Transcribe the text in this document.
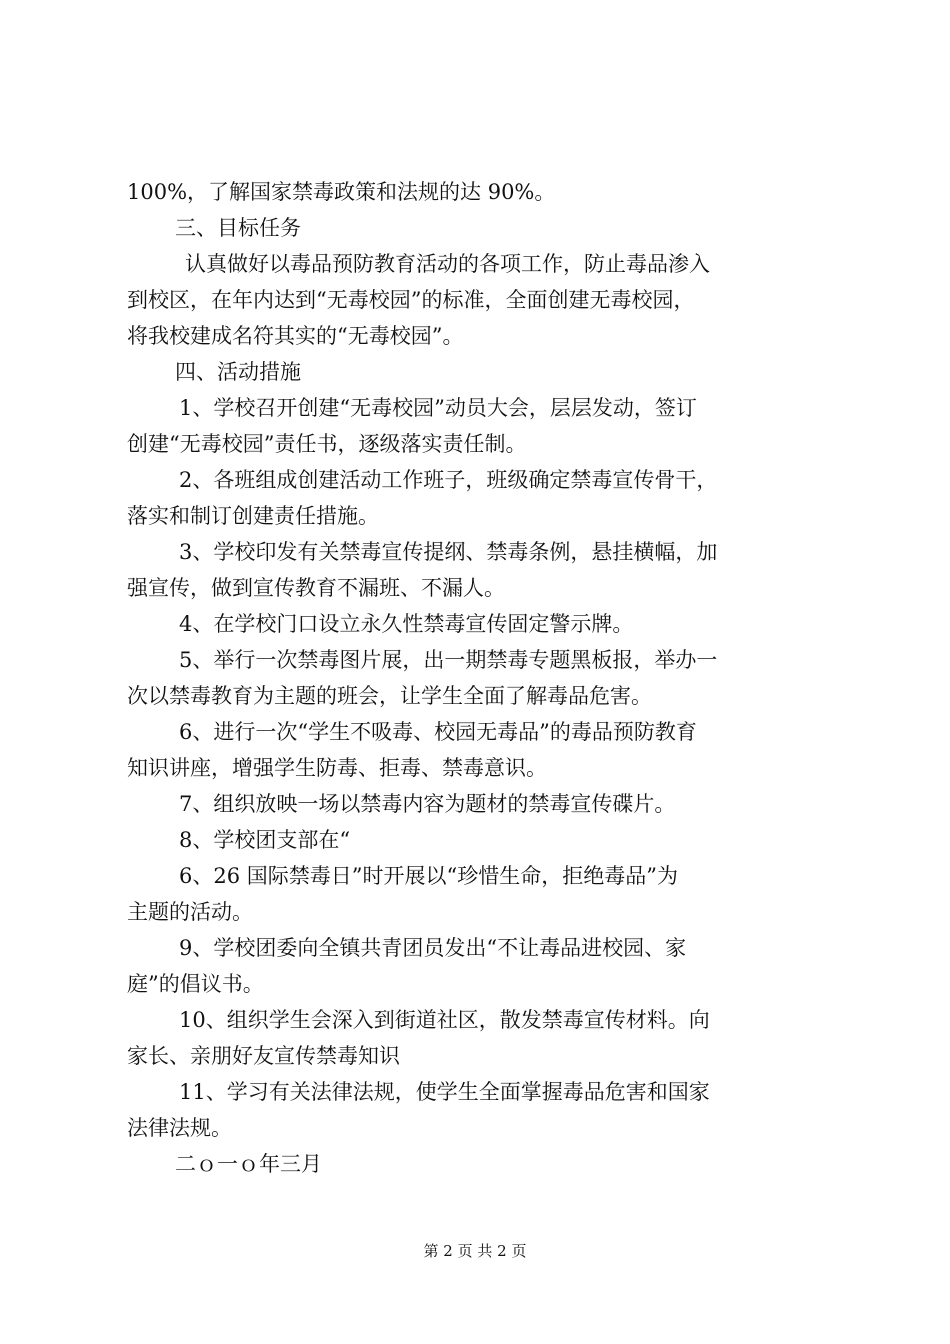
100%，了解国家禁毒政策和法规的达 90%。
三、目标任务
认真做好以毒品预防教育活动的各项工作，防止毒品渗入
到校区，在年内达到“无毒校园”的标准，全面创建无毒校园，
将我校建成名符其实的“无毒校园”。
四、活动措施
1、学校召开创建“无毒校园”动员大会，层层发动，签订
创建“无毒校园”责任书，逐级落实责任制。
2、各班组成创建活动工作班子，班级确定禁毒宣传骨干，
落实和制订创建责任措施。
3、学校印发有关禁毒宣传提纲、禁毒条例，悬挂横幅，加
强宣传，做到宣传教育不漏班、不漏人。
4、在学校门口设立永久性禁毒宣传固定警示牌。
5、举行一次禁毒图片展，出一期禁毒专题黑板报，举办一
次以禁毒教育为主题的班会，让学生全面了解毒品危害。
6、进行一次“学生不吸毒、校园无毒品”的毒品预防教育
知识讲座，增强学生防毒、拒毒、禁毒意识。
7、组织放映一场以禁毒内容为题材的禁毒宣传碟片。
8、学校团支部在“
6、26 国际禁毒日”时开展以“珍惜生命，拒绝毒品”为
主题的活动。
9、学校团委向全镇共青团员发出“不让毒品进校园、家
庭”的倡议书。
10、组织学生会深入到街道社区，散发禁毒宣传材料。向
家长、亲朋好友宣传禁毒知识
11、学习有关法律法规，使学生全面掌握毒品危害和国家
法律法规。
二ｏ一ｏ年三月
第 2 页 共 2 页
